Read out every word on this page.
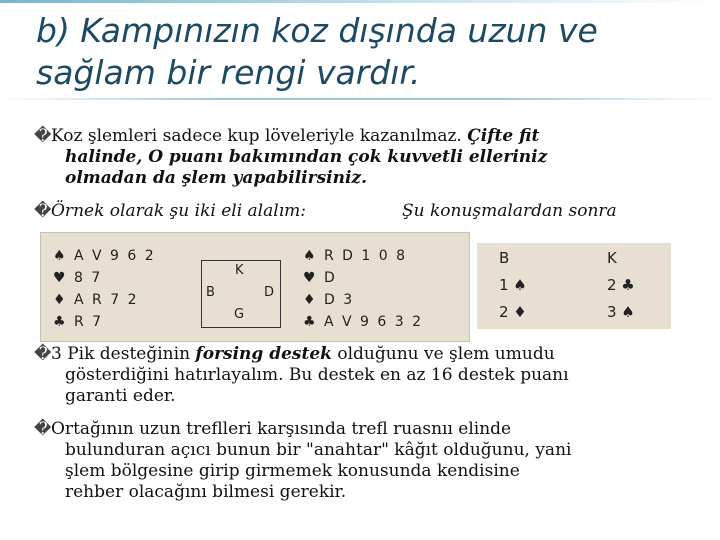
b) Kampınızın koz dışında uzun ve sağlam bir rengi vardır.
�Koz şlemleri sadece kup löveleriyle kazanılmaz. Çifte fit
halinde, O puanı bakımından çok kuvvetli elleriniz
olmadan da şlem yapabilirsiniz.
�Örnek olarak şu iki eli alalım:	Şu konuşmalardan sonra
♠ A V 9 6 2
♥ 8 7
♦ A R 7 2
♣ R 7
K
B	D
G
♠ R D 1 0 8
♥ D
♦ D 3
♣ A V 9 6 3 2
B	K
1 ♠	2 ♣
2 ♦	3 ♠
�3 Pik desteğinin forsing destek olduğunu ve şlem umudu
gösterdiğini hatırlayalım. Bu destek en az 16 destek puanı
garanti eder.
�Ortağının uzun treflleri karşısında trefl ruasnıı elinde
bulunduran açıcı bunun bir "anahtar" kâğıt olduğunu, yani
şlem bölgesine girip girmemek konusunda kendisine
rehber olacağını bilmesi gerekir.
